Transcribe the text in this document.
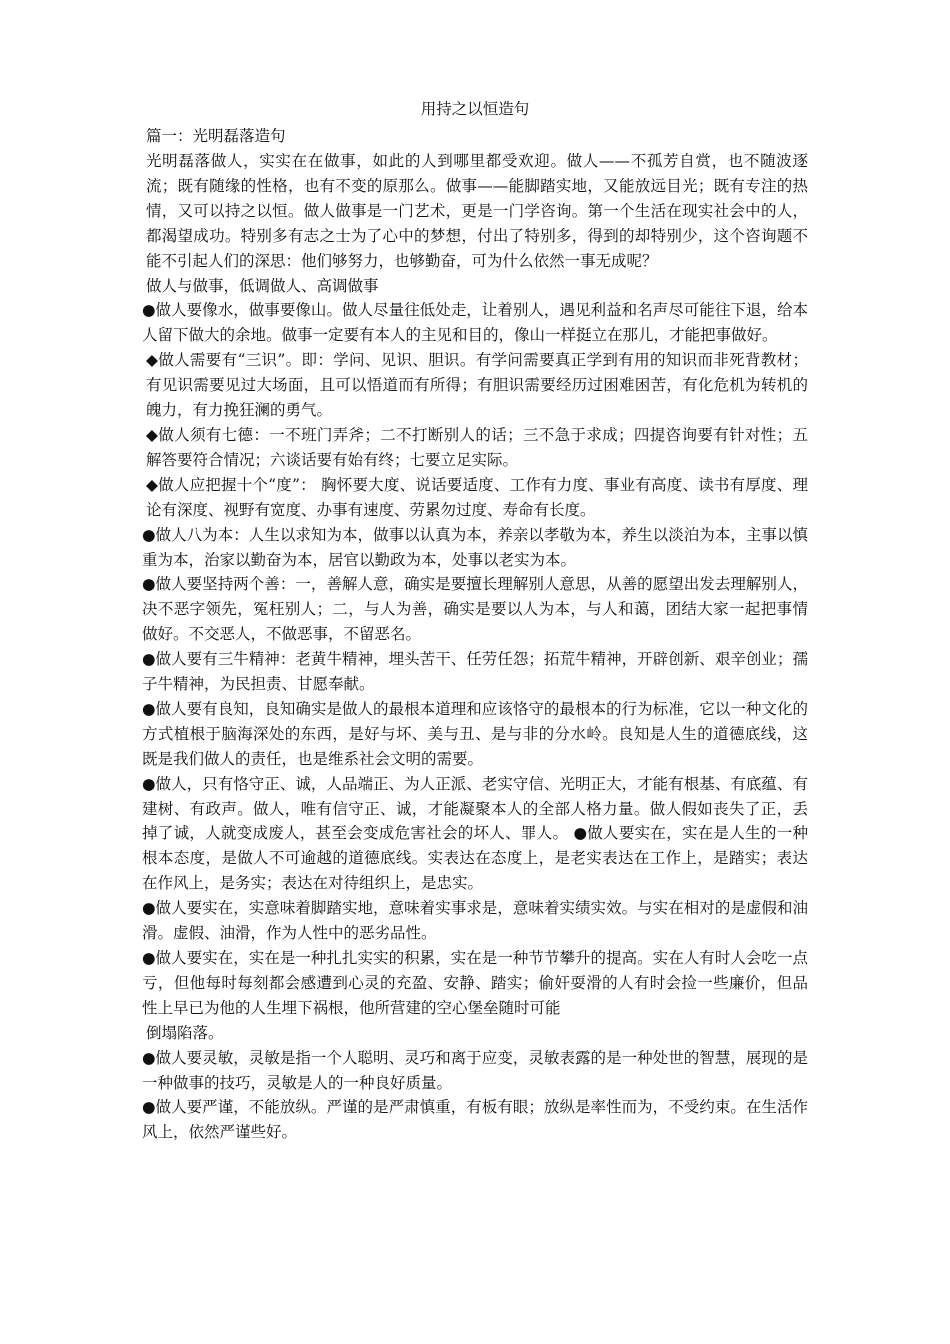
用持之以恒造句
篇一：光明磊落造句

光明磊落做人，实实在在做事，如此的人到哪里都受欢迎。做人——不孤芳自赏，也不随波逐流；既有随缘的性格，也有不变的原那么。做事——能脚踏实地，又能放远目光；既有专注的热情，又可以持之以恒。做人做事是一门艺术，更是一门学咨询。第一个生活在现实社会中的人，都渴望成功。特别多有志之士为了心中的梦想，付出了特别多，得到的却特别少，这个咨询题不能不引起人们的深思：他们够努力，也够勤奋，可为什么依然一事无成呢？

做人与做事，低调做人、高调做事

●做人要像水，做事要像山。做人尽量往低处走，让着别人，遇见利益和名声尽可能往下退，给本人留下做大的余地。做事一定要有本人的主见和目的，像山一样挺立在那儿，才能把事做好。

◆做人需要有“三识”。即：学问、见识、胆识。有学问需要真正学到有用的知识而非死背教材；有见识需要见过大场面，且可以悟道而有所得；有胆识需要经历过困难困苦，有化危机为转机的魄力，有力挽狂澜的勇气。

◆做人须有七德：一不班门弄斧；二不打断别人的话；三不急于求成；四提咨询要有针对性；五解答要符合情况；六谈话要有始有终；七要立足实际。

◆做人应把握十个“度”： 胸怀要大度、说话要适度、工作有力度、事业有高度、读书有厚度、理论有深度、视野有宽度、办事有速度、劳累勿过度、寿命有长度。

●做人八为本：人生以求知为本，做事以认真为本，养亲以孝敬为本，养生以淡泊为本，主事以慎重为本，治家以勤奋为本，居官以勤政为本，处事以老实为本。

●做人要坚持两个善：一，善解人意，确实是要擅长理解别人意思，从善的愿望出发去理解别人，决不恶字领先，冤枉别人；二，与人为善，确实是要以人为本，与人和蔼，团结大家一起把事情做好。不交恶人，不做恶事，不留恶名。

●做人要有三牛精神：老黄牛精神，埋头苦干、任劳任怨；拓荒牛精神，开辟创新、艰辛创业；孺子牛精神，为民担责、甘愿奉献。

●做人要有良知，良知确实是做人的最根本道理和应该恪守的最根本的行为标准，它以一种文化的方式植根于脑海深处的东西，是好与坏、美与丑、是与非的分水岭。良知是人生的道德底线，这既是我们做人的责任，也是维系社会文明的需要。

●做人，只有恪守正、诚，人品端正、为人正派、老实守信、光明正大，才能有根基、有底蕴、有建树、有政声。做人，唯有信守正、诚，才能凝聚本人的全部人格力量。做人假如丧失了正，丢掉了诚，人就变成废人，甚至会变成危害社会的坏人、罪人。 ●做人要实在，实在是人生的一种根本态度，是做人不可逾越的道德底线。实表达在态度上，是老实表达在工作上，是踏实；表达在作风上，是务实；表达在对待组织上，是忠实。

●做人要实在，实意味着脚踏实地，意味着实事求是，意味着实绩实效。与实在相对的是虚假和油滑。虚假、油滑，作为人性中的恶劣品性。

●做人要实在，实在是一种扎扎实实的积累，实在是一种节节攀升的提高。实在人有时人会吃一点亏，但他每时每刻都会感遭到心灵的充盈、安静、踏实；偷奸耍滑的人有时会捡一些廉价，但品性上早已为他的人生埋下祸根，他所营建的空心堡垒随时可能

倒塌陷落。

●做人要灵敏，灵敏是指一个人聪明、灵巧和离于应变，灵敏表露的是一种处世的智慧，展现的是一种做事的技巧，灵敏是人的一种良好质量。

●做人要严谨，不能放纵。严谨的是严肃慎重，有板有眼；放纵是率性而为，不受约束。在生活作风上，依然严谨些好。
